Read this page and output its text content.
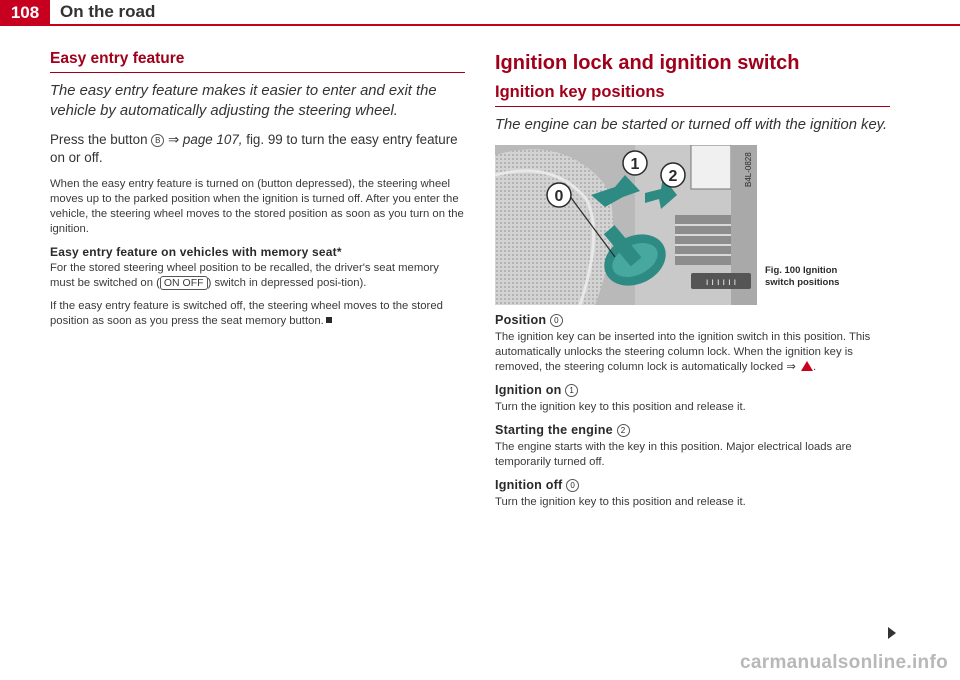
108	On the road
Easy entry feature

The easy entry feature makes it easier to enter and exit the vehicle by automatically adjusting the steering wheel.

Press the button B ⇒ page 107, fig. 99 to turn the easy entry feature on or off.

When the easy entry feature is turned on (button depressed), the steering wheel moves up to the parked position when the ignition is turned off. After you enter the vehicle, the steering wheel moves to the stored position as soon as you turn on the ignition.

Easy entry feature on vehicles with memory seat*

For the stored steering wheel position to be recalled, the driver's seat memory must be switched on ( ON OFF ) switch in depressed posi-tion).

If the easy entry feature is switched off, the steering wheel moves to the stored position as soon as you press the seat memory button.

Ignition lock and ignition switch
Ignition key positions

The engine can be started or turned off with the ignition key.

ı ı ı ı ı ı
0
1
2	B4L-0828
Fig. 100 Ignition
switch positions
Position 0

The ignition key can be inserted into the ignition switch in this position. This automatically unlocks the steering column lock. When the ignition key is removed, the steering column lock is automatically locked ⇒ .

Ignition on 1

Turn the ignition key to this position and release it.

Starting the engine 2

The engine starts with the key in this position. Major electrical loads are temporarily turned off.

Ignition off 0

Turn the ignition key to this position and release it.

carmanualsonline.info
